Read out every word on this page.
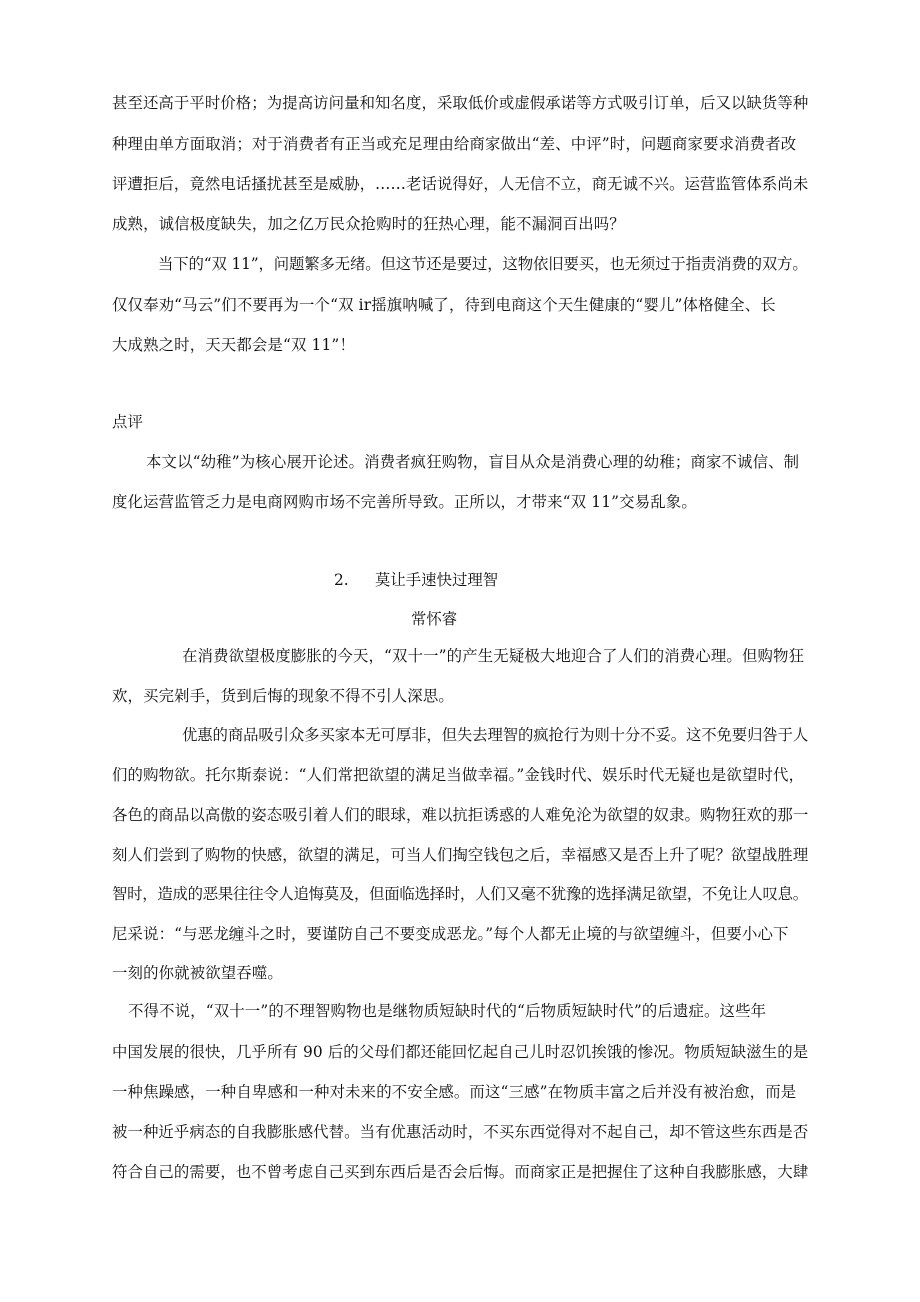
甚至还高于平时价格；为提高访问量和知名度，采取低价或虚假承诺等方式吸引订单，后又以缺货等种
种理由单方面取消；对于消费者有正当或充足理由给商家做出“差、中评”时，问题商家要求消费者改
评遭拒后，竟然电话搔扰甚至是威胁，……老话说得好，人无信不立，商无诚不兴。运营监管体系尚未
成熟，诚信极度缺失，加之亿万民众抢购时的狂热心理，能不漏洞百出吗？
当下的“双 11”，问题繁多无绪。但这节还是要过，这物依旧要买，也无须过于指责消费的双方。
仅仅奉劝“马云”们不要再为一个“双 ir摇旗呐喊了，待到电商这个天生健康的“婴儿”体格健全、长
大成熟之时，天天都会是“双 11”！
点评
本文以“幼稚”为核心展开论述。消费者疯狂购物，盲目从众是消费心理的幼稚；商家不诚信、制
度化运营监管乏力是电商网购市场不完善所导致。正所以，才带来“双 11”交易乱象。
2. 莫让手速快过理智
常怀睿
在消费欲望极度膨胀的今天，“双十一”的产生无疑极大地迎合了人们的消费心理。但购物狂
欢，买完剁手，货到后悔的现象不得不引人深思。
优惠的商品吸引众多买家本无可厚非，但失去理智的疯抢行为则十分不妥。这不免要归咎于人
们的购物欲。托尔斯泰说：“人们常把欲望的满足当做幸福。”金钱时代、娱乐时代无疑也是欲望时代，
各色的商品以高傲的姿态吸引着人们的眼球，难以抗拒诱惑的人难免沦为欲望的奴隶。购物狂欢的那一
刻人们尝到了购物的快感，欲望的满足，可当人们掏空钱包之后，幸福感又是否上升了呢？欲望战胜理
智时，造成的恶果往往令人追悔莫及，但面临选择时，人们又毫不犹豫的选择满足欲望，不免让人叹息。
尼采说：“与恶龙缠斗之时，要谨防自己不要变成恶龙。”每个人都无止境的与欲望缠斗，但要小心下
一刻的你就被欲望吞噬。
不得不说，“双十一”的不理智购物也是继物质短缺时代的“后物质短缺时代”的后遗症。这些年
中国发展的很快，几乎所有 90 后的父母们都还能回忆起自己儿时忍饥挨饿的惨况。物质短缺滋生的是
一种焦躁感，一种自卑感和一种对未来的不安全感。而这“三感”在物质丰富之后并没有被治愈，而是
被一种近乎病态的自我膨胀感代替。当有优惠活动时，不买东西觉得对不起自己，却不管这些东西是否
符合自己的需要，也不曾考虑自己买到东西后是否会后悔。而商家正是把握住了这种自我膨胀感，大肆
